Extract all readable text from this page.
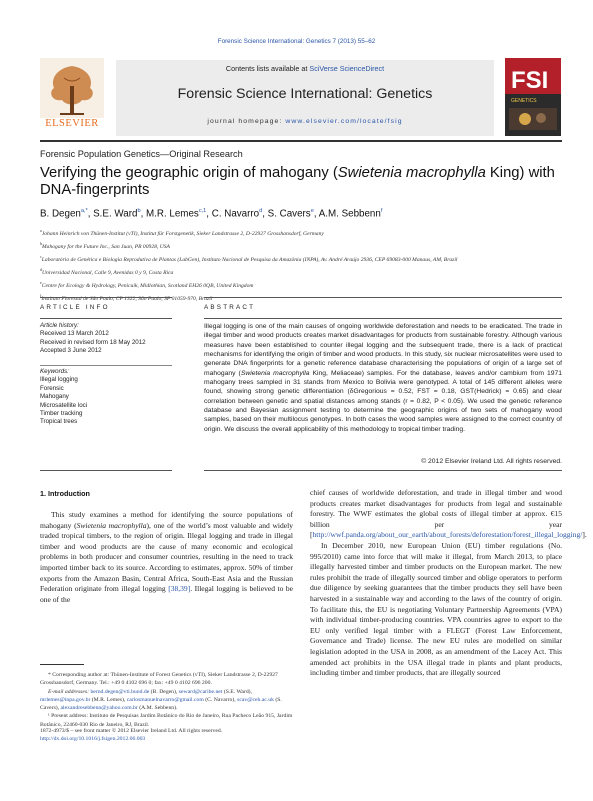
Forensic Science International: Genetics 7 (2013) 55–62
ELSEVIER
Contents lists available at SciVerse ScienceDirect
Forensic Science International: Genetics
journal homepage: www.elsevier.com/locate/fsig
FSI
GENETICS
Forensic Population Genetics—Original Research
Verifying the geographic origin of mahogany (Swietenia macrophylla King) with DNA-fingerprints
B. Degen$^{a,*}$, S.E. Ward$^b$, M.R. Lemes$^{c,1}$, C. Navarro$^d$, S. Cavers$^e$, A.M. Sebbenn$^f$
$^a$Johann Heinrich von Thünen-Institut (vTI), Institut für Forstgenetik, Sieker Landstrasse 2, D-22927 Grosshansdorf, Germany
$^b$Mahogany for the Future Inc., San Juan, PR 00928, USA
$^c$Laboratório de Genética e Biologia Reprodutiva de Plantas (LabGen), Instituto Nacional de Pesquisa da Amazônia (INPA), Av. André Araújo 2936, CEP 69083-000 Manaus, AM, Brazil
$^d$Universidad Nacional, Calle 9, Avenidas 0 y 9, Costa Rica
$^e$Centre for Ecology & Hydrology, Penicuik, Midlothian, Scotland EH26 0QB, United Kingdom
$^f$Instituto Florestal de São Paulo, CP 1322, São Paulo, SP 01059-970, Brazil
ARTICLE INFO	ABSTRACT
Article history:
Received 13 March 2012
Received in revised form 18 May 2012
Accepted 3 June 2012
Keywords:
Illegal logging
Forensic
Mahogany
Microsatellite loci
Timber tracking
Tropical trees

Illegal logging is one of the main causes of ongoing worldwide deforestation and needs to be eradicated. The trade in illegal timber and wood products creates market disadvantages for products from sustainable forestry. Although various measures have been established to counter illegal logging and the subsequent trade, there is a lack of practical mechanisms for identifying the origin of timber and wood products. In this study, six nuclear microsatellites were used to generate DNA fingerprints for a genetic reference database characterising the populations of origin of a large set of mahogany (Swietenia macrophylla King, Meliaceae) samples. For the database, leaves and/or cambium from 1971 mahogany trees sampled in 31 stands from Mexico to Bolivia were genotyped. A total of 145 different alleles were found, showing strong genetic differentiation (δGregorious = 0.52, FST = 0.18, GST(Hedrick) = 0.65) and clear correlation between genetic and spatial distances among stands (r = 0.82, P < 0.05). We used the genetic reference database and Bayesian assignment testing to determine the geographic origins of two sets of mahogany wood samples, based on their multilocus genotypes. In both cases the wood samples were assigned to the correct country of origin. We discuss the overall applicability of this methodology to tropical timber trading.

© 2012 Elsevier Ireland Ltd. All rights reserved.
1. Introduction

This study examines a method for identifying the source populations of mahogany (Swietenia macrophylla), one of the world’s most valuable and widely traded tropical timbers, to the region of origin. Illegal logging and trade in illegal timber and wood products are the cause of many economic and ecological problems in both producer and consumer countries, resulting in the need to track imported timber back to its source. According to estimates, approx. 50% of timber exports from the Amazon Basin, Central Africa, South-East Asia and the Russian Federation originate from illegal logging [38,39]. Illegal logging is believed to be one of the

chief causes of worldwide deforestation, and trade in illegal timber and wood products creates market disadvantages for products from legal and sustainable forestry. The WWF estimates the global costs of illegal timber at approx. €15 billion per year [http://wwf.panda.org/about_our_earth/about_forests/deforestation/forest_illegal_logging/].

In December 2010, new European Union (EU) timber regulations (No. 995/2010) came into force that will make it illegal, from March 2013, to place illegally harvested timber and timber products on the European market. The new rules prohibit the trade of illegally sourced timber and oblige operators to perform due diligence by seeking guarantees that the timber products they sell have been harvested in a sustainable way and according to the laws of the country of origin. To facilitate this, the EU is negotiating Voluntary Partnership Agreements (VPA) with individual timber-producing countries. VPA countries agree to export to the EU only verified legal timber with a FLEGT (Forest Law Enforcement, Governance and Trade) license. The new EU rules are modelled on similar legislation adopted in the USA in 2008, as an amendment of the Lacey Act. This amended act prohibits in the USA illegal trade in plants and plant products, including timber and timber products, that are illegally sourced

* Corresponding author at: Thünen-Institute of Forest Genetics (vTI), Sieker Landstrasse 2, D-22927 Grosshansdorf, Germany. Tel.: +49 0 4102 696 0; fax: +49 0 4102 696 200.

E-mail addresses: bernd.degen@vti.bund.de (B. Degen), seward@caribe.net (S.E. Ward), mrlemes@inpa.gov.br (M.R. Lemes), carlosmanuelnavarro@gmail.com (C. Navarro), scav@ceh.ac.uk (S. Cavers), alexandresebbenn@yahoo.com.br (A.M. Sebbenn).

¹ Present address: Instituto de Pesquisas Jardim Botânico do Rio de Janeiro, Rua Pacheco Leão 915, Jardim Botânico, 22460-030 Rio de Janeiro, RJ, Brazil.

1872-4973/$ – see front matter © 2012 Elsevier Ireland Ltd. All rights reserved.
http://dx.doi.org/10.1016/j.fsigen.2012.06.003
